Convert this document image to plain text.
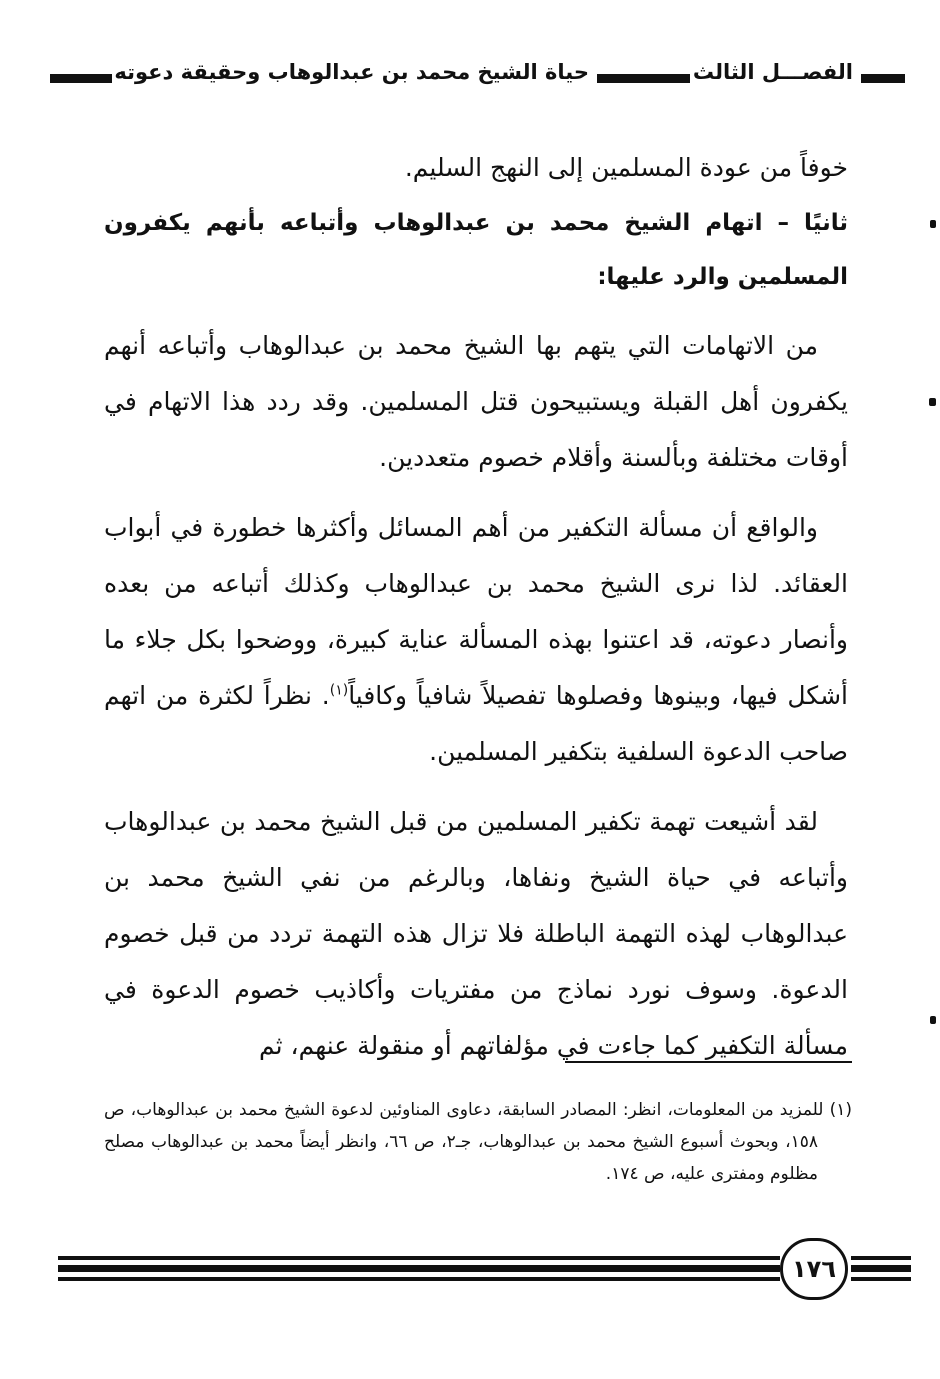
الفصـــل الثالث
حياة الشيخ محمد بن عبدالوهاب وحقيقة دعوته

خوفاً من عودة المسلمين إلى النهج السليم.

ثانيًا – اتهام الشيخ محمد بن عبدالوهاب وأتباعه بأنهم يكفرون المسلمين والرد عليها:

من الاتهامات التي يتهم بها الشيخ محمد بن عبدالوهاب وأتباعه أنهم يكفرون أهل القبلة ويستبيحون قتل المسلمين. وقد ردد هذا الاتهام في أوقات مختلفة وبألسنة وأقلام خصوم متعددين.

والواقع أن مسألة التكفير من أهم المسائل وأكثرها خطورة في أبواب العقائد. لذا نرى الشيخ محمد بن عبدالوهاب وكذلك أتباعه من بعده وأنصار دعوته، قد اعتنوا بهذه المسألة عناية كبيرة، ووضحوا بكل جلاء ما أشكل فيها، وبينوها وفصلوها تفصيلاً شافياً وكافياً$^{(١)}$. نظراً لكثرة من اتهم صاحب الدعوة السلفية بتكفير المسلمين.

لقد أشيعت تهمة تكفير المسلمين من قبل الشيخ محمد بن عبدالوهاب وأتباعه في حياة الشيخ ونفاها، وبالرغم من نفي الشيخ محمد بن عبدالوهاب لهذه التهمة الباطلة فلا تزال هذه التهمة تردد من قبل خصوم الدعوة. وسوف نورد نماذج من مفتريات وأكاذيب خصوم الدعوة في مسألة التكفير كما جاءت في مؤلفاتهم أو منقولة عنهم، ثم

(١) للمزيد من المعلومات، انظر: المصادر السابقة، دعاوى المناوئين لدعوة الشيخ محمد بن عبدالوهاب، ص ١٥٨، وبحوث أسبوع الشيخ محمد بن عبدالوهاب، جـ٢، ص ٦٦، وانظر أيضاً محمد بن عبدالوهاب مصلح مظلوم ومفترى عليه، ص ١٧٤.
١٧٦
